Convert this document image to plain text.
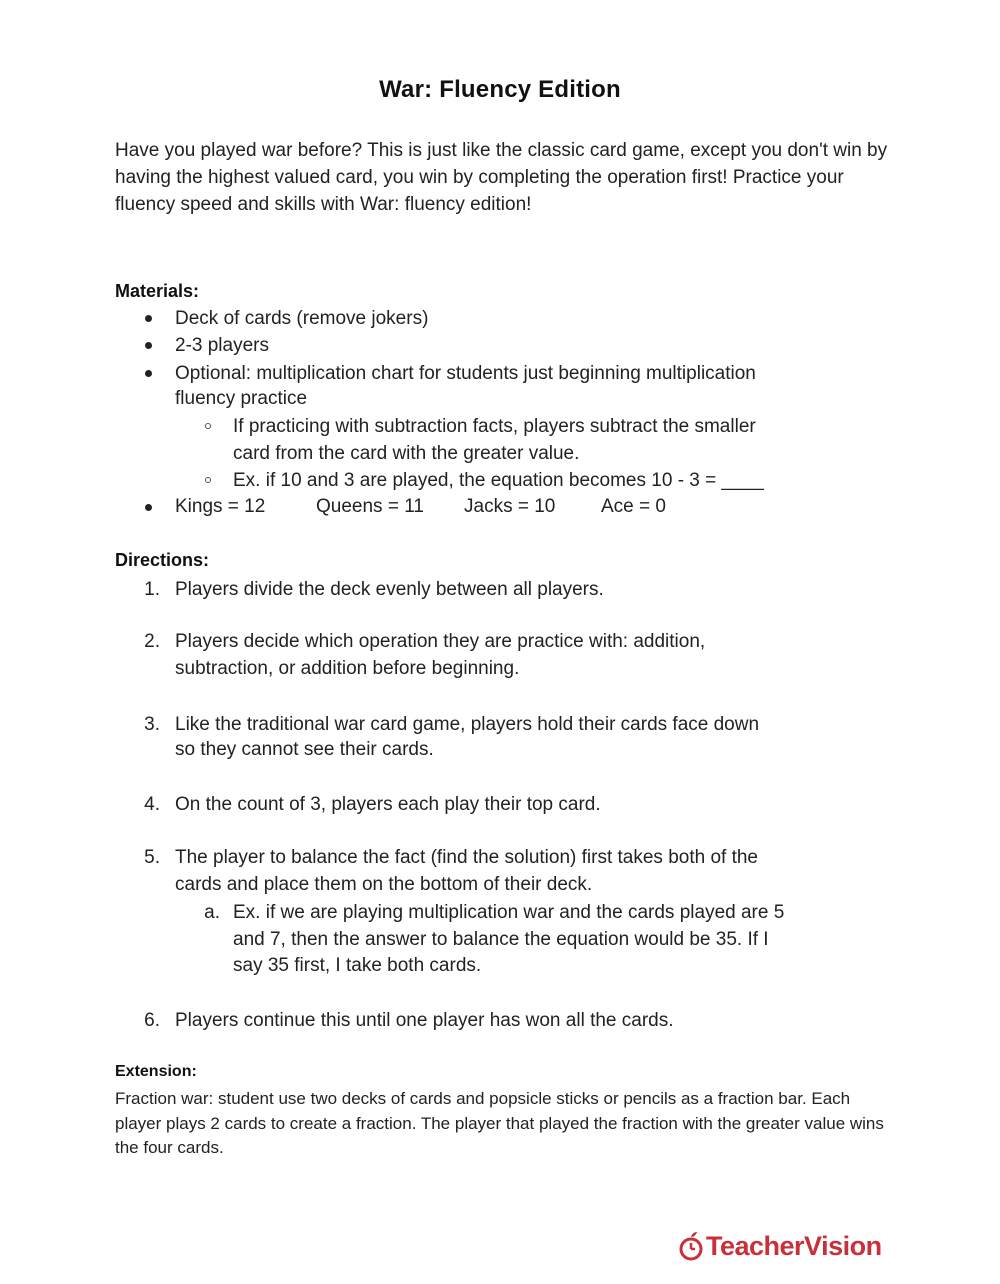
War: Fluency Edition
Have you played war before? This is just like the classic card game, except you don't win by having the highest valued card, you win by completing the operation first! Practice your fluency speed and skills with War: fluency edition!
Materials:
Deck of cards (remove jokers)
2-3 players
Optional: multiplication chart for students just beginning multiplication
fluency practice
If practicing with subtraction facts, players subtract the smaller
card from the card with the greater value.
Ex. if 10 and 3 are played, the equation becomes 10 - 3 = ____
Kings = 12	Queens = 11 Jacks = 10 Ace = 0
Directions:
1. Players divide the deck evenly between all players.
2. Players decide which operation they are practice with: addition,
subtraction, or addition before beginning.
3. Like the traditional war card game, players hold their cards face down
so they cannot see their cards.
4. On the count of 3, players each play their top card.
5. The player to balance the fact (find the solution) first takes both of the
cards and place them on the bottom of their deck.
a. Ex. if we are playing multiplication war and the cards played are 5
and 7, then the answer to balance the equation would be 35. If I
say 35 first, I take both cards.
6. Players continue this until one player has won all the cards.
Extension:
Fraction war: student use two decks of cards and popsicle sticks or pencils as a fraction bar. Each player plays 2 cards to create a fraction. The player that played the fraction with the greater value wins the four cards.
TeacherVision
